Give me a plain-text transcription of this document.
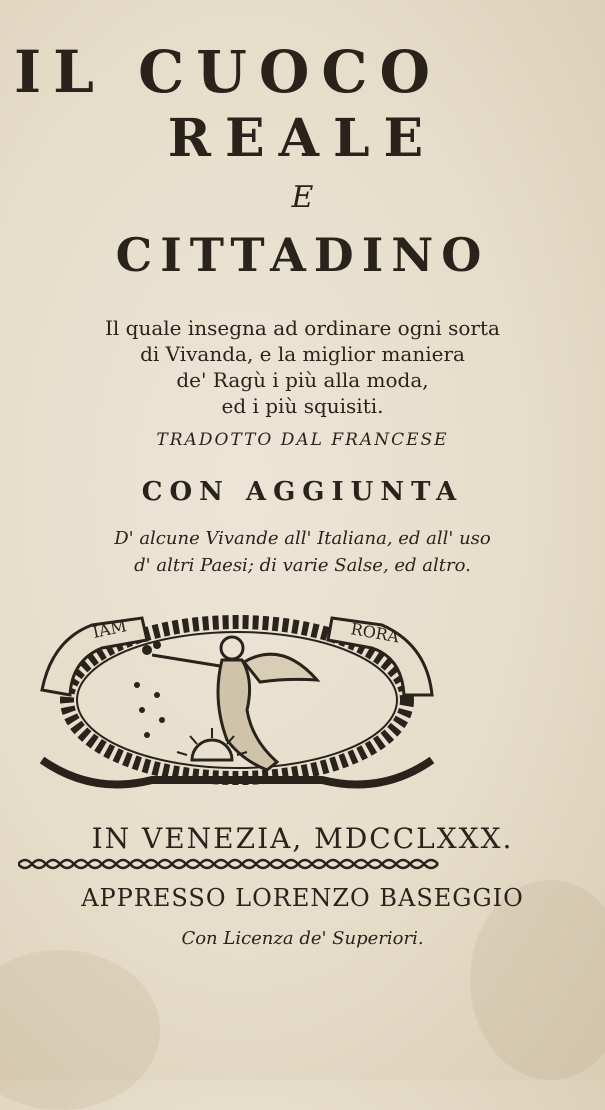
IL CUOCO
REALE
E
CITTADINO
Il quale insegna ad ordinare ogni sorta
di Vivanda, e la miglior maniera
de' Ragù i più alla moda,
ed i più squisiti.
TRADOTTO DAL FRANCESE
CON AGGIUNTA
D' alcune Vivande all' Italiana, ed all' uso
d' altri Paesi; di varie Salse, ed altro.
IAM	RORA
IN VENEZIA, MDCCLXXX.
APPRESSO LORENZO BASEGGIO
Con Licenza de' Superiori.
